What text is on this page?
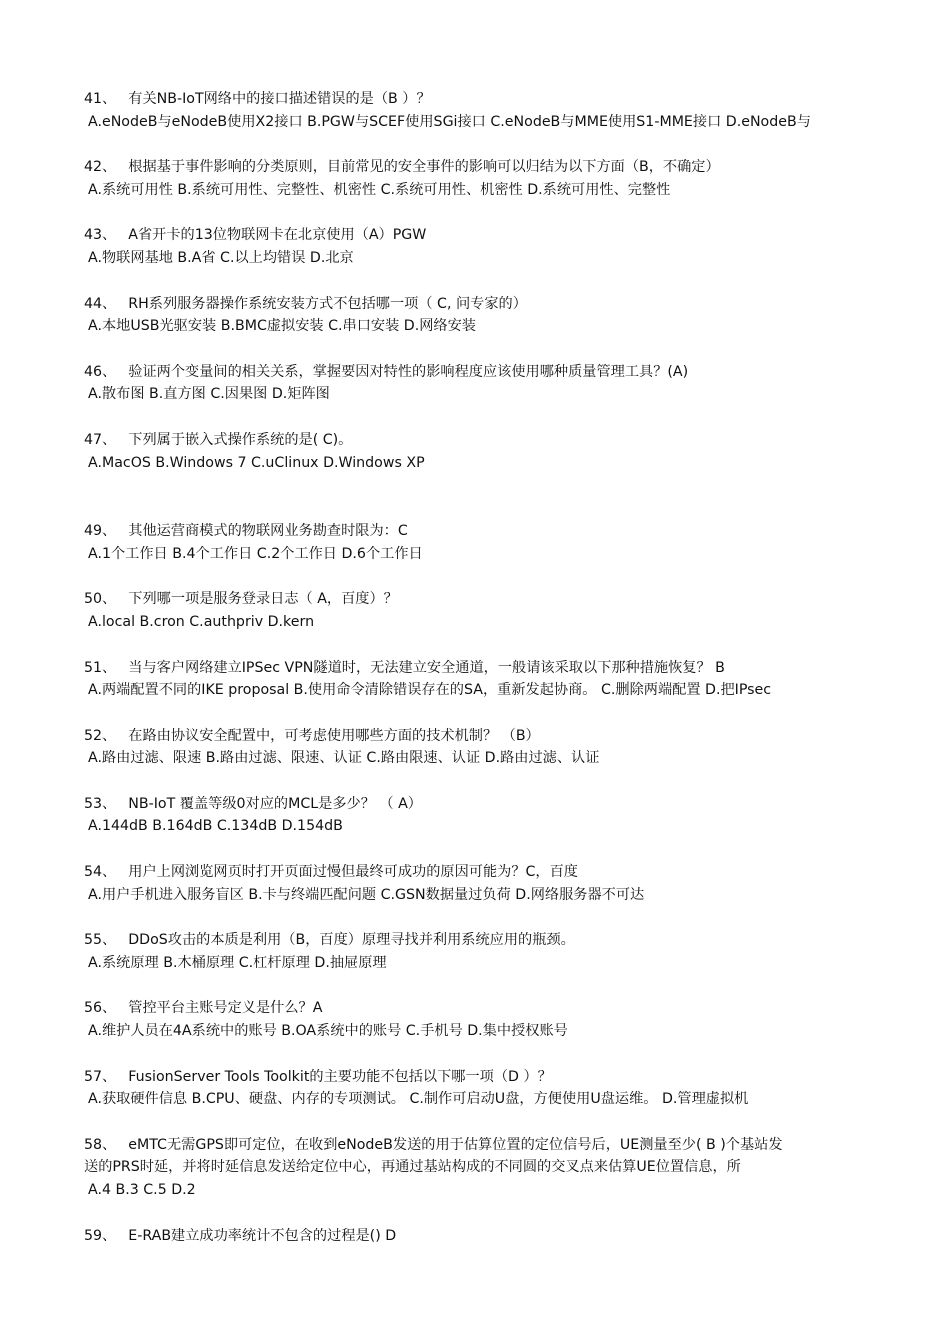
41、 有关NB-IoT网络中的接口描述错误的是（B ）？
A.eNodeB与eNodeB使用X2接口 B.PGW与SCEF使用SGi接口 C.eNodeB与MME使用S1-MME接口 D.eNodeB与
42、 根据基于事件影响的分类原则，目前常见的安全事件的影响可以归结为以下方面（B，不确定）
A.系统可用性 B.系统可用性、完整性、机密性 C.系统可用性、机密性 D.系统可用性、完整性
43、 A省开卡的13位物联网卡在北京使用（A）PGW
A.物联网基地 B.A省 C.以上均错误 D.北京
44、 RH系列服务器操作系统安装方式不包括哪一项（ C, 问专家的）
A.本地USB光驱安装 B.BMC虚拟安装 C.串口安装 D.网络安装
46、 验证两个变量间的相关关系，掌握要因对特性的影响程度应该使用哪种质量管理工具？(A)
A.散布图 B.直方图 C.因果图 D.矩阵图
47、 下列属于嵌入式操作系统的是( C)。
A.MacOS B.Windows 7 C.uClinux D.Windows XP
49、 其他运营商模式的物联网业务勘查时限为：C
A.1个工作日 B.4个工作日 C.2个工作日 D.6个工作日
50、 下列哪一项是服务登录日志（ A，百度）？
A.local B.cron C.authpriv D.kern
51、 当与客户网络建立IPSec VPN隧道时，无法建立安全通道，一般请该采取以下那种措施恢复？ B
A.两端配置不同的IKE proposal B.使用命令清除错误存在的SA，重新发起协商。 C.删除两端配置 D.把IPsec
52、 在路由协议安全配置中，可考虑使用哪些方面的技术机制？ （B）
A.路由过滤、限速 B.路由过滤、限速、认证 C.路由限速、认证 D.路由过滤、认证
53、 NB-IoT 覆盖等级0对应的MCL是多少？ （ A）
A.144dB B.164dB C.134dB D.154dB
54、 用户上网浏览网页时打开页面过慢但最终可成功的原因可能为？C，百度
A.用户手机进入服务盲区 B.卡与终端匹配问题 C.GSN数据量过负荷 D.网络服务器不可达
55、 DDoS攻击的本质是利用（B，百度）原理寻找并利用系统应用的瓶颈。
A.系统原理 B.木桶原理 C.杠杆原理 D.抽屉原理
56、 管控平台主账号定义是什么？A
A.维护人员在4A系统中的账号 B.OA系统中的账号 C.手机号 D.集中授权账号
57、 FusionServer Tools Toolkit的主要功能不包括以下哪一项（D ）？
A.获取硬件信息 B.CPU、硬盘、内存的专项测试。 C.制作可启动U盘，方便使用U盘运维。 D.管理虚拟机
58、 eMTC无需GPS即可定位，在收到eNodeB发送的用于估算位置的定位信号后，UE测量至少( B )个基站发
送的PRS时延，并将时延信息发送给定位中心，再通过基站构成的不同圆的交叉点来估算UE位置信息，所
A.4 B.3 C.5 D.2
59、 E-RAB建立成功率统计不包含的过程是() D
